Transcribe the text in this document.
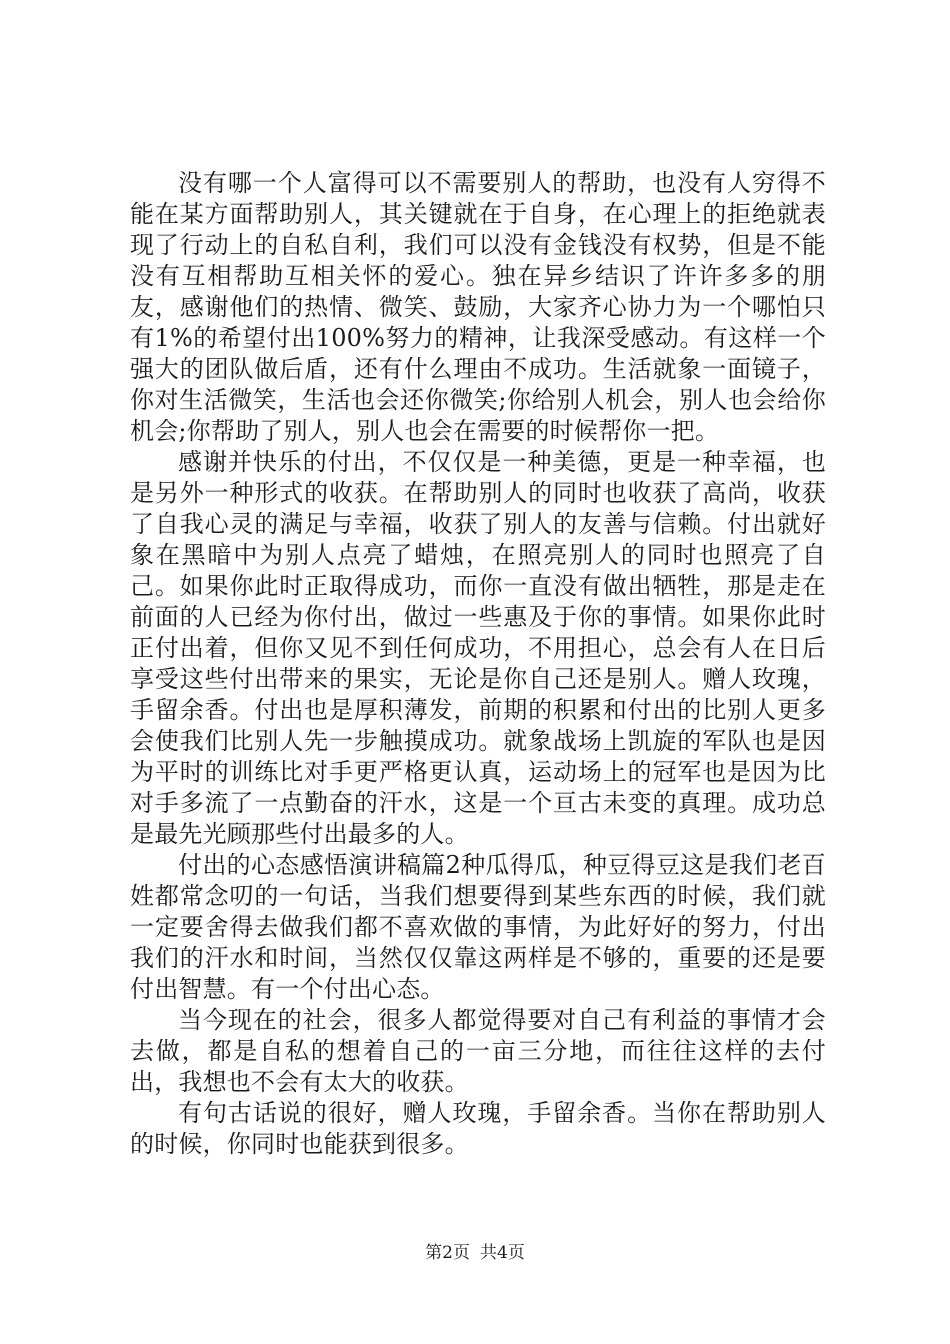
没有哪一个人富得可以不需要别人的帮助，也没有人穷得不能在某方面帮助别人，其关键就在于自身，在心理上的拒绝就表现了行动上的自私自利，我们可以没有金钱没有权势，但是不能没有互相帮助互相关怀的爱心。独在异乡结识了许许多多的朋友，感谢他们的热情、微笑、鼓励，大家齐心协力为一个哪怕只有1%的希望付出100%努力的精神，让我深受感动。有这样一个强大的团队做后盾，还有什么理由不成功。生活就象一面镜子，你对生活微笑，生活也会还你微笑;你给别人机会，别人也会给你机会;你帮助了别人，别人也会在需要的时候帮你一把。

感谢并快乐的付出，不仅仅是一种美德，更是一种幸福，也是另外一种形式的收获。在帮助别人的同时也收获了高尚，收获了自我心灵的满足与幸福，收获了别人的友善与信赖。付出就好象在黑暗中为别人点亮了蜡烛，在照亮别人的同时也照亮了自己。如果你此时正取得成功，而你一直没有做出牺牲，那是走在前面的人已经为你付出，做过一些惠及于你的事情。如果你此时正付出着，但你又见不到任何成功，不用担心，总会有人在日后享受这些付出带来的果实，无论是你自己还是别人。赠人玫瑰，手留余香。付出也是厚积薄发，前期的积累和付出的比别人更多会使我们比别人先一步触摸成功。就象战场上凯旋的军队也是因为平时的训练比对手更严格更认真，运动场上的冠军也是因为比对手多流了一点勤奋的汗水，这是一个亘古未变的真理。成功总是最先光顾那些付出最多的人。

付出的心态感悟演讲稿篇2种瓜得瓜，种豆得豆这是我们老百姓都常念叨的一句话，当我们想要得到某些东西的时候，我们就一定要舍得去做我们都不喜欢做的事情，为此好好的努力，付出我们的汗水和时间，当然仅仅靠这两样是不够的，重要的还是要付出智慧。有一个付出心态。

当今现在的社会，很多人都觉得要对自己有利益的事情才会去做，都是自私的想着自己的一亩三分地，而往往这样的去付出，我想也不会有太大的收获。

有句古话说的很好，赠人玫瑰，手留余香。当你在帮助别人的时候，你同时也能获到很多。

第2页 共4页
